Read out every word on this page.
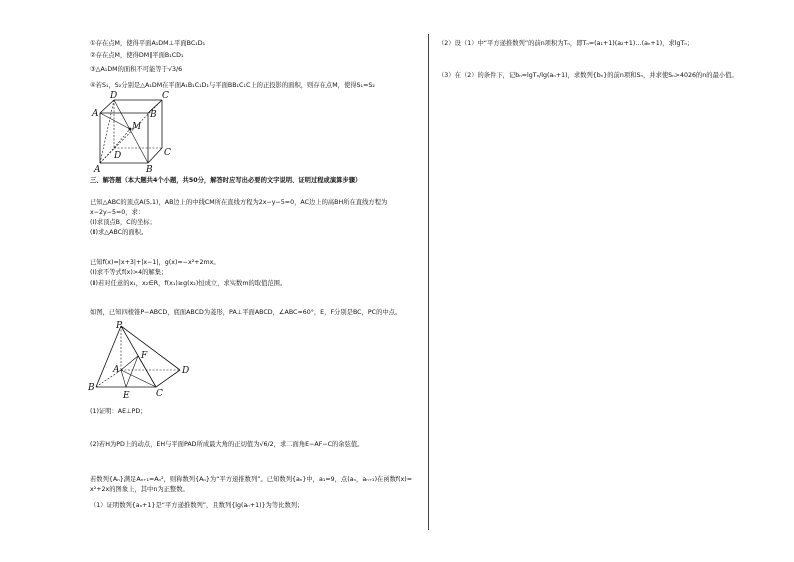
①存在点M，使得平面A₁DM⊥平面BC₁D₁
②存在点M，使得DM∥平面B₁CD₁
③△A₁DM的面积不可能等于√3/6
④若S₁，S₂分别是△A₁DM在平面A₁B₁C₁D₁与平面BB₁C₁C上的正投影的面积，则存在点M，使得S₁=S₂
D	C
A	B
M
D	C
A	B
三、解答题（本大题共4个小题，共50分，解答时应写出必要的文字说明、证明过程或演算步骤）
已知△ABC的顶点A(5,1)，AB边上的中线CM所在直线方程为2x−y−5=0，AC边上的高BH所在直线方程为
x−2y−5=0，求：
(Ⅰ)求顶点B，C的坐标；
(Ⅱ)求△ABC的面积。
已知f(x)=|x+3|+|x−1|，g(x)=−x²+2mx。
(Ⅰ)求不等式f(x)>4的解集；
(Ⅱ)若对任意的x₁，x₂∈R，f(x₁)≥g(x₂)恒成立，求实数m的取值范围。
如图，已知四棱锥P−ABCD，底面ABCD为菱形，PA⊥平面ABCD，∠ABC=60°，E，F分别是BC，PC的中点。
P
F
A	D
B
E	C
(1)证明：AE⊥PD；
(2)若H为PD上的动点，EH与平面PAD所成最大角的正切值为√6/2，求二面角E−AF−C的余弦值。
若数列{Aₙ}满足Aₙ₊₁=Aₙ²，则称数列{Aₙ}为“平方递推数列”。已知数列{aₙ}中，a₁=9，点(aₙ，aₙ₊₁)在函数f(x)=
x²+2x的图象上，其中n为正整数。
（1）证明数列{aₙ+1}是“平方递推数列”，且数列{lg(aₙ+1)}为等比数列；
（2）设（1）中“平方递推数列”的前n项积为Tₙ，即Tₙ=(a₁+1)(a₂+1)…(aₙ+1)，求lgTₙ；
（3）在（2）的条件下，记bₙ=lgTₙ/lg(aₙ+1)，求数列{bₙ}的前n项和Sₙ，并求使Sₙ>4026的n的最小值。
